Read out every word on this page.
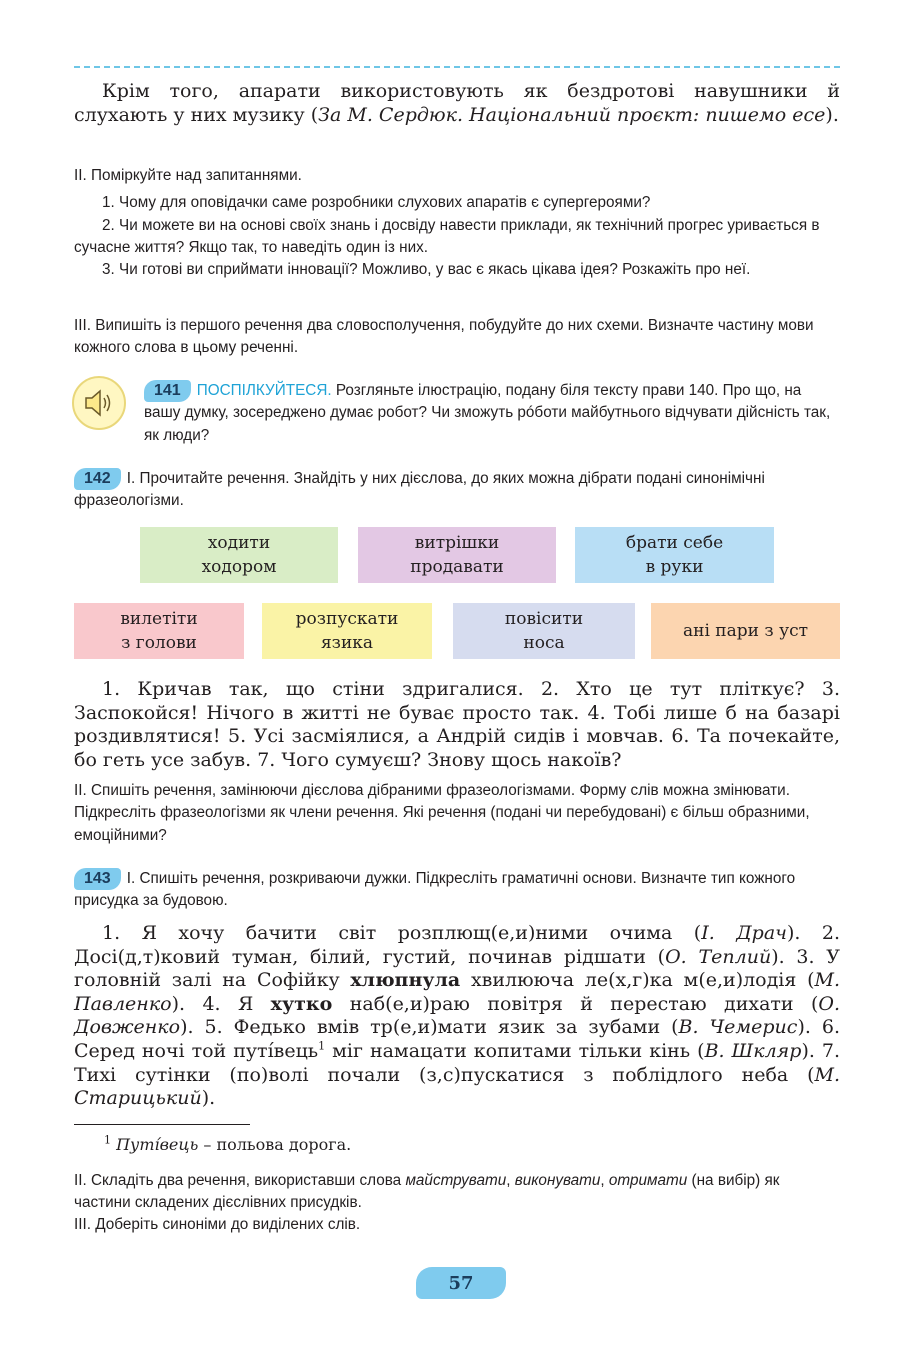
Крім того, апарати використовують як бездротові навушники й слухають у них музику (За М. Сердюк. Національний проєкт: пишемо есе).

ІІ. Поміркуйте над запитаннями.

1. Чому для оповідачки саме розробники слухових апаратів є супергероями?

2. Чи можете ви на основі своїх знань і досвіду навести приклади, як технічний прогрес уривається в сучасне життя? Якщо так, то наведіть один із них.

3. Чи готові ви сприймати інновації? Можливо, у вас є якась цікава ідея? Розкажіть про неї.

ІІІ. Випишіть із першого речення два словосполучення, побудуйте до них схеми. Визначте частину мови кожного слова в цьому реченні.

141 ПОСПІЛКУЙТЕСЯ. Розгляньте ілюстрацію, подану біля тексту прави 140. Про що, на вашу думку, зосереджено думає робот? Чи зможуть рóботи майбутнього відчувати дійсність так, як люди?

142 І. Прочитайте речення. Знайдіть у них дієслова, до яких можна дібрати подані синонімічні фразеологізми.

1. Кричав так, що стіни здригалися. 2. Хто це тут пліткує? 3. Заспокойся! Нічого в житті не буває просто так. 4. Тобі лише б на базарі роздивлятися! 5. Усі засміялися, а Андрій сидів і мовчав. 6. Та почекайте, бо геть усе забув. 7. Чого сумуєш? Знову щось накоїв?

ІІ. Спишіть речення, замінюючи дієслова дібраними фразеологізмами. Форму слів можна змінювати. Підкресліть фразеологізми як члени речення. Які речення (подані чи перебудовані) є більш образними, емоційними?

143 І. Спишіть речення, розкриваючи дужки. Підкресліть граматичні основи. Визначте тип кожного присудка за будовою.

1. Я хочу бачити світ розплющ(е,и)ними очима (І. Драч). 2. Досі(д,т)ковий туман, білий, густий, починав рідшати (О. Теплий). 3. У головній залі на Софійку хлюпнула хвилююча ле(х,г)ка м(е,и)лодія (М. Павленко). 4. Я хутко наб(е,и)раю повітря й перестаю дихати (О. Довженко). 5. Федько вмів тр(е,и)мати язик за зубами (В. Чемерис). 6. Серед ночі той путíвець$^1$ міг намацати копитами тільки кінь (В. Шкляр). 7. Тихі сутінки (по)волі почали (з,с)пускатися з поблідлого неба (М. Старицький).

$^1$ Путíвець – польова дорога.

ІІ. Складіть два речення, використавши слова майструвати, виконувати, отримати (на вибір) як частини складених дієслівних присудків.

ІІІ. Доберіть синоніми до виділених слів.

ходити
ходором
витрішки
продавати
брати себе
в руки
вилетіти
з голови
розпускати
язика
повісити
носа
ані пари з уст
57
